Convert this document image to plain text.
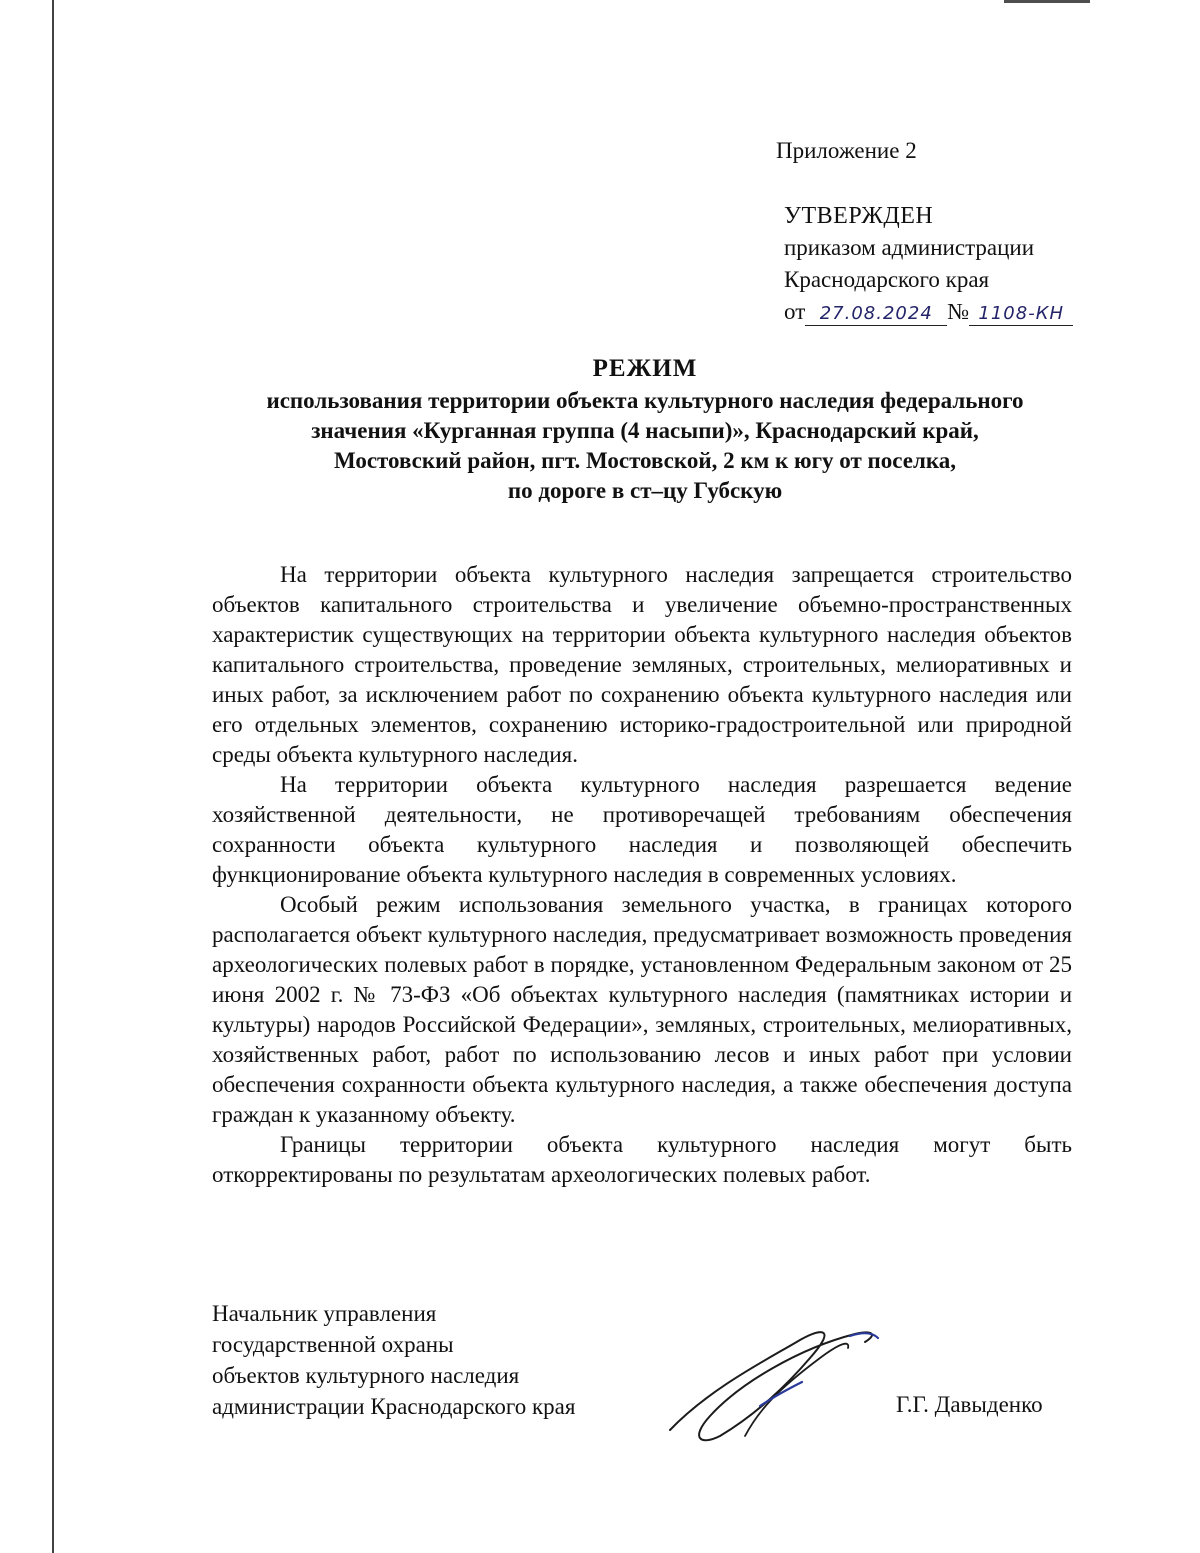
Приложение 2
УТВЕРЖДЕН
приказом администрации
Краснодарского края
от 27.08.2024 № 1108-КН
РЕЖИМ
использования территории объекта культурного наследия федерального
значения «Курганная группа (4 насыпи)», Краснодарский край,
Мостовский район, пгт. Мостовской, 2 км к югу от поселка,
по дороге в ст–цу Губскую

На территории объекта культурного наследия запрещается строительство объектов капитального строительства и увеличение объемно-пространственных характеристик существующих на территории объекта культурного наследия объектов капитального строительства, проведение земляных, строительных, мелиоративных и иных работ, за исключением работ по сохранению объекта культурного наследия или его отдельных элементов, сохранению историко-градостроительной или природной среды объекта культурного наследия.

На территории объекта культурного наследия разрешается ведение хозяйственной деятельности, не противоречащей требованиям обеспечения сохранности объекта культурного наследия и позволяющей обеспечить функционирование объекта культурного наследия в современных условиях.

Особый режим использования земельного участка, в границах которого располагается объект культурного наследия, предусматривает возможность проведения археологических полевых работ в порядке, установленном Федеральным законом от 25 июня 2002 г. № 73-ФЗ «Об объектах культурного наследия (памятниках истории и культуры) народов Российской Федерации», земляных, строительных, мелиоративных, хозяйственных работ, работ по использованию лесов и иных работ при условии обеспечения сохранности объекта культурного наследия, а также обеспечения доступа граждан к указанному объекту.

Границы территории объекта культурного наследия могут быть откорректированы по результатам археологических полевых работ.

Начальник управления
государственной охраны
объектов культурного наследия
администрации Краснодарского края	Г.Г. Давыденко
